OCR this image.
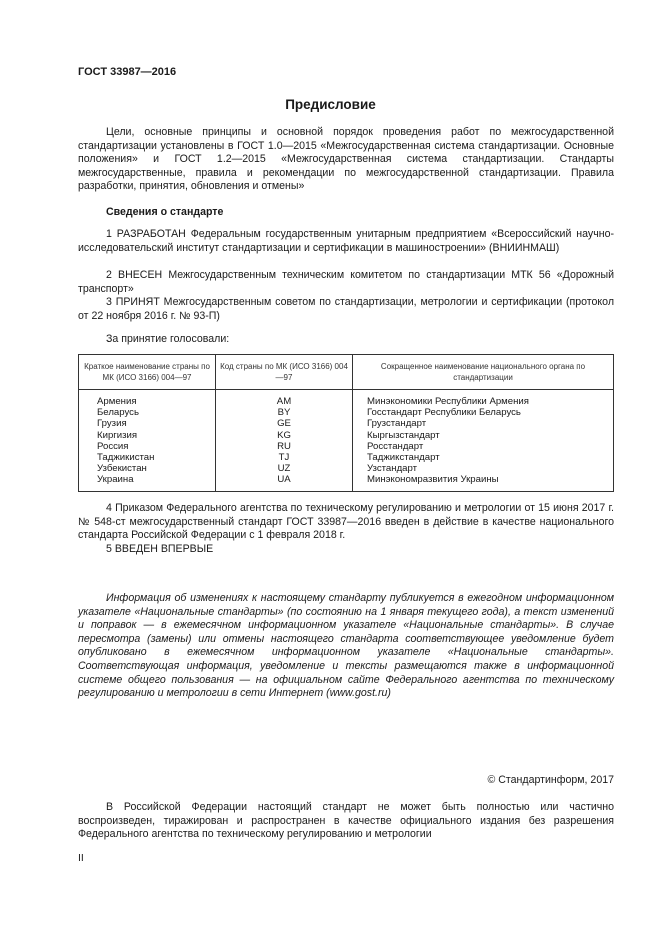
ГОСТ 33987—2016
Предисловие

Цели, основные принципы и основной порядок проведения работ по межгосударственной стандартизации установлены в ГОСТ 1.0—2015 «Межгосударственная система стандартизации. Основные положения» и ГОСТ 1.2—2015 «Межгосударственная система стандартизации. Стандарты межгосударственные, правила и рекомендации по межгосударственной стандартизации. Правила разработки, принятия, обновления и отмены»

Сведения о стандарте

1 РАЗРАБОТАН Федеральным государственным унитарным предприятием «Всероссийский научно-исследовательский институт стандартизации и сертификации в машиностроении» (ВНИИНМАШ)

2 ВНЕСЕН Межгосударственным техническим комитетом по стандартизации МТК 56 «Дорожный транспорт»

3 ПРИНЯТ Межгосударственным советом по стандартизации, метрологии и сертификации (протокол от 22 ноября 2016 г. № 93-П)

За принятие голосовали:

Краткое наименование страны по МК (ИСО 3166) 004—97	Код страны по МК (ИСО 3166) 004—97	Сокращенное наименование национального органа по стандартизации
Армения	AM	Минэкономики Республики Армения
Беларусь	BY	Госстандарт Республики Беларусь
Грузия	GE	Грузстандарт
Киргизия	KG	Кыргызстандарт
Россия	RU	Росстандарт
Таджикистан	TJ	Таджикстандарт
Узбекистан	UZ	Узстандарт
Украина	UA	Минэкономразвития Украины

4 Приказом Федерального агентства по техническому регулированию и метрологии от 15 июня 2017 г. № 548-ст межгосударственный стандарт ГОСТ 33987—2016 введен в действие в качестве национального стандарта Российской Федерации с 1 февраля 2018 г.

5 ВВЕДЕН ВПЕРВЫЕ

Информация об изменениях к настоящему стандарту публикуется в ежегодном информационном указателе «Национальные стандарты» (по состоянию на 1 января текущего года), а текст изменений и поправок — в ежемесячном информационном указателе «Национальные стандарты». В случае пересмотра (замены) или отмены настоящего стандарта соответствующее уведомление будет опубликовано в ежемесячном информационном указателе «Национальные стандарты». Соответствующая информация, уведомление и тексты размещаются также в информационной системе общего пользования — на официальном сайте Федерального агентства по техническому регулированию и метрологии в сети Интернет (www.gost.ru)

© Стандартинформ, 2017

В Российской Федерации настоящий стандарт не может быть полностью или частично воспроизведен, тиражирован и распространен в качестве официального издания без разрешения Федерального агентства по техническому регулированию и метрологии

II
